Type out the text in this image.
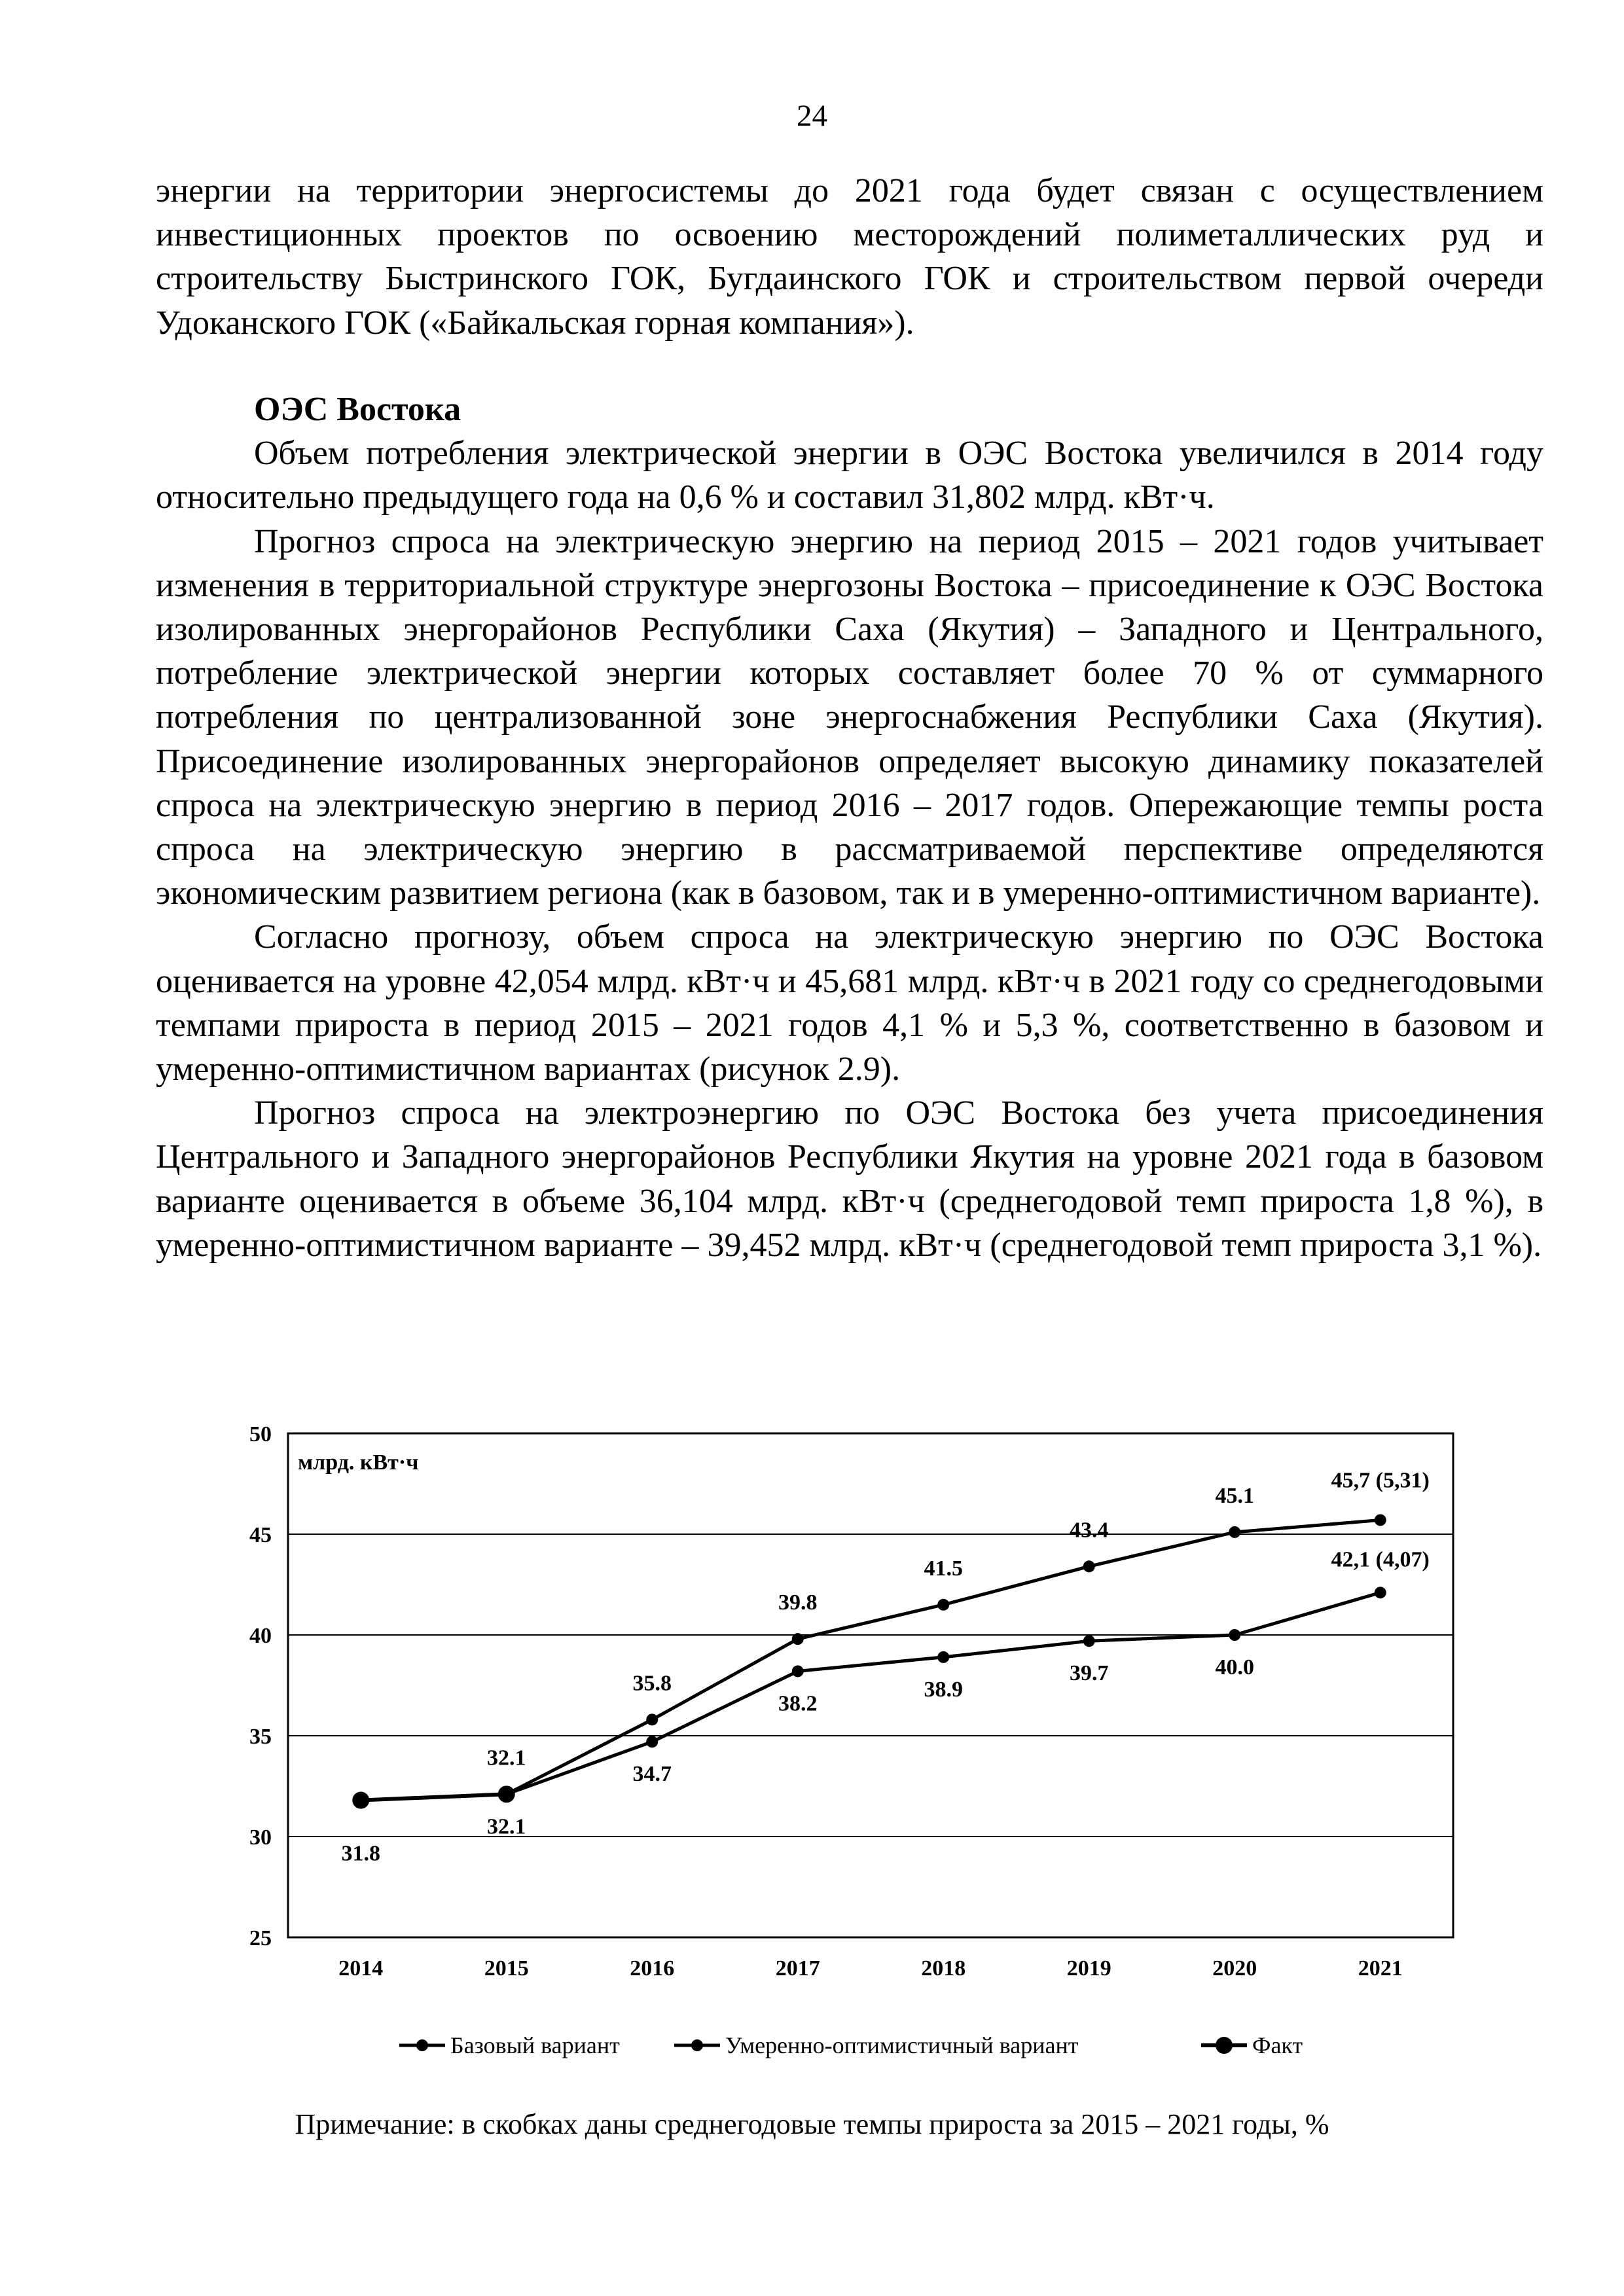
24

энергии на территории энергосистемы до 2021 года будет связан с осуществлением инвестиционных проектов по освоению месторождений полиметаллических руд и строительству Быстринского ГОК, Бугдаинского ГОК и строительством первой очереди Удоканского ГОК («Байкальская горная компания»).

ОЭС Востока

Объем потребления электрической энергии в ОЭС Востока увеличился в 2014 году относительно предыдущего года на 0,6 % и составил 31,802 млрд. кВт·ч.

Прогноз спроса на электрическую энергию на период 2015 – 2021 годов учитывает изменения в территориальной структуре энергозоны Востока – присоединение к ОЭС Востока изолированных энергорайонов Республики Саха (Якутия) – Западного и Центрального, потребление электрической энергии которых составляет более 70 % от суммарного потребления по централизованной зоне энергоснабжения Республики Саха (Якутия). Присоединение изолированных энергорайонов определяет высокую динамику показателей спроса на электрическую энергию в период 2016 – 2017 годов. Опережающие темпы роста спроса на электрическую энергию в рассматриваемой перспективе определяются экономическим развитием региона (как в базовом, так и в умеренно-оптимистичном варианте).

Согласно прогнозу, объем спроса на электрическую энергию по ОЭС Востока оценивается на уровне 42,054 млрд. кВт·ч и 45,681 млрд. кВт·ч в 2021 году со среднегодовыми темпами прироста в период 2015 – 2021 годов 4,1 % и 5,3 %, соответственно в базовом и умеренно-оптимистичном вариантах (рисунок 2.9).

Прогноз спроса на электроэнергию по ОЭС Востока без учета присоединения Центрального и Западного энергорайонов Республики Якутия на уровне 2021 года в базовом варианте оценивается в объеме 36,104 млрд. кВт·ч (среднегодовой темп прироста 1,8 %), в умеренно-оптимистичном варианте – 39,452 млрд. кВт·ч (среднегодовой темп прироста 3,1 %).

25
30
35
40
45
50
2014	2015	2016	2017	2018	2019	2020	2021
млрд. кВт·ч
32.1
34.7
38.2
38.9
39.7	40.0
42,1 (4,07)
32.1
35.8
39.8
41.5
43.4
45.1
45,7 (5,31)
31.8
Базовый вариант	Умеренно-оптимистичный вариант	Факт
Примечание: в скобках даны среднегодовые темпы прироста за 2015 – 2021 годы, %
